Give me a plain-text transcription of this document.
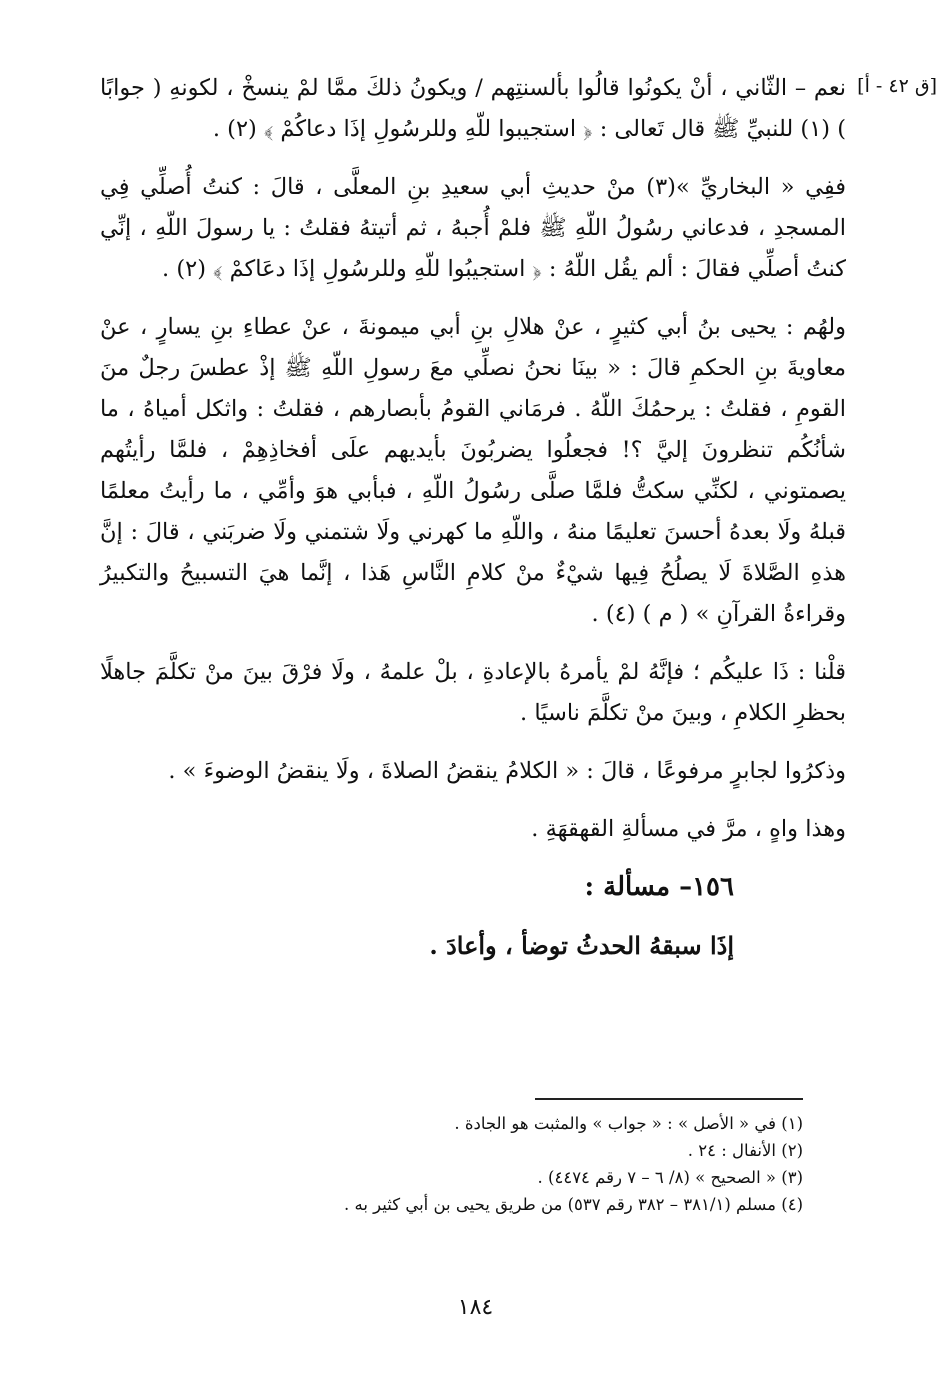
[ق ٤٢ - أ]

نعم – الثّاني ، أنْ يكونُوا قالُوا بألسنتِهم / ويكونُ ذلكَ ممَّا لمْ ينسخْ ، لكونهِ ( جوابًا ) (١) للنبيِّ ﷺ قال تَعالى : ﴿ استجيبوا للّهِ وللرسُولِ إذَا دعاكُمْ ﴾ (٢) .

ففِي « البخاريِّ »(٣) منْ حديثِ أبي سعيدِ بنِ المعلَّى ، قالَ : كنتُ أُصلِّي فِي المسجدِ ، فدعاني رسُولُ اللّهِ ﷺ فلمْ أُجبهُ ، ثم أتيتهُ فقلتُ : يا رسولَ اللّهِ ، إنِّي كنتُ أصلِّي فقالَ : ألم يقُل اللّهُ : ﴿ استجيبُوا للّهِ وللرسُولِ إذَا دعَاكمْ ﴾ (٢) .

ولهُم : يحيى بنُ أبي كثيرٍ ، عنْ هلالِ بنِ أبي ميمونةَ ، عنْ عطاءِ بنِ يسارٍ ، عنْ معاويةَ بنِ الحكمِ قالَ : « بينَا نحنُ نصلِّي معَ رسولِ اللّهِ ﷺ إذْ عطسَ رجلٌ منَ القومِ ، فقلتُ : يرحمُكَ اللّهُ . فرمَاني القومُ بأبصارهم ، فقلتُ : واثكل أمياهُ ، ما شأنُكُم تنظرونَ إليَّ ؟! فجعلُوا يضربُونَ بأيديهم علَى أفخاذِهِمْ ، فلمَّا رأيتُهم يصمتوني ، لكنِّي سكتُّ فلمَّا صلَّى رسُولُ اللّهِ ، فبأبي هوَ وأمِّي ، ما رأيتُ معلمًا قبلهُ ولَا بعدهُ أحسنَ تعليمًا منهُ ، واللّهِ ما كهرني ولَا شتمني ولَا ضربَني ، قالَ : إنَّ هذهِ الصَّلاةَ لَا يصلُحُ فِيها شيْءٌ منْ كلامِ النَّاسِ هَذا ، إنَّما هيَ التسبيحُ والتكبيرُ وقراءةُ القرآنِ » ( م ) (٤) .

قلْنا : ذَا عليكُم ؛ فإنَّهُ لمْ يأمرهُ بالإعادةِ ، بلْ علمهُ ، ولَا فرْقَ بينَ منْ تكلَّمَ جاهلًا بحظرِ الكلامِ ، وبينَ منْ تكلَّمَ ناسيًا .

وذكرُوا لجابرٍ مرفوعًا ، قالَ : « الكلامُ ينقضُ الصلاةَ ، ولَا ينقضُ الوضوءَ » .

وهذا واهٍ ، مرَّ في مسألةِ القهقهَةِ .

١٥٦– مسألة :

إذَا سبقهُ الحدثُ توضأ ، وأعادَ .

(١) في « الأصل » : « جواب » والمثبت هو الجادة .

(٢) الأنفال : ٢٤ .

(٣) « الصحيح » (٨/ ٦ – ٧ رقم ٤٤٧٤) .

(٤) مسلم (٣٨١/١ – ٣٨٢ رقم ٥٣٧) من طريق يحيى بن أبي كثير به .

١٨٤
